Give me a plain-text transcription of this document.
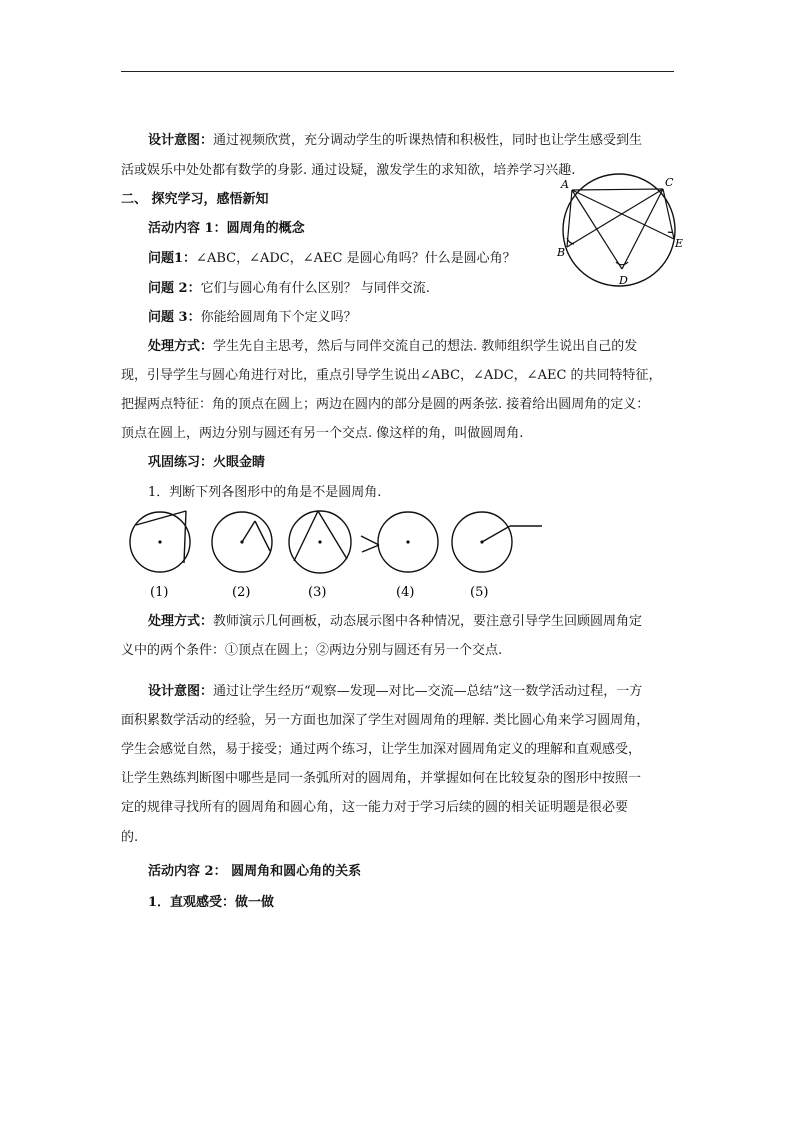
设计意图：通过视频欣赏，充分调动学生的听课热情和积极性，同时也让学生感受到生
活或娱乐中处处都有数学的身影. 通过设疑，激发学生的求知欲，培养学习兴趣.
二、 探究学习，感悟新知
活动内容 1：圆周角的概念
问题1：∠ABC，∠ADC，∠AEC 是圆心角吗？什么是圆心角？
问题 2：它们与圆心角有什么区别？ 与同伴交流.
问题 3：你能给圆周角下个定义吗？
A	C
B
E
D
处理方式：学生先自主思考，然后与同伴交流自己的想法. 教师组织学生说出自己的发
现，引导学生与圆心角进行对比，重点引导学生说出∠ABC，∠ADC，∠AEC 的共同特特征，
把握两点特征：角的顶点在圆上；两边在圆内的部分是圆的两条弦. 接着给出圆周角的定义：
顶点在圆上，两边分别与圆还有另一个交点. 像这样的角，叫做圆周角.
巩固练习：火眼金睛
1．判断下列各图形中的角是不是圆周角.
(1)	(2)	(3)	(4)	(5)
处理方式：教师演示几何画板，动态展示图中各种情况，要注意引导学生回顾圆周角定
义中的两个条件：①顶点在圆上；②两边分别与圆还有另一个交点.
设计意图：通过让学生经历“观察—发现—对比—交流—总结”这一数学活动过程，一方
面积累数学活动的经验，另一方面也加深了学生对圆周角的理解. 类比圆心角来学习圆周角，
学生会感觉自然，易于接受；通过两个练习，让学生加深对圆周角定义的理解和直观感受，
让学生熟练判断图中哪些是同一条弧所对的圆周角，并掌握如何在比较复杂的图形中按照一
定的规律寻找所有的圆周角和圆心角，这一能力对于学习后续的圆的相关证明题是很必要
的.
活动内容 2： 圆周角和圆心角的关系
1．直观感受：做一做
